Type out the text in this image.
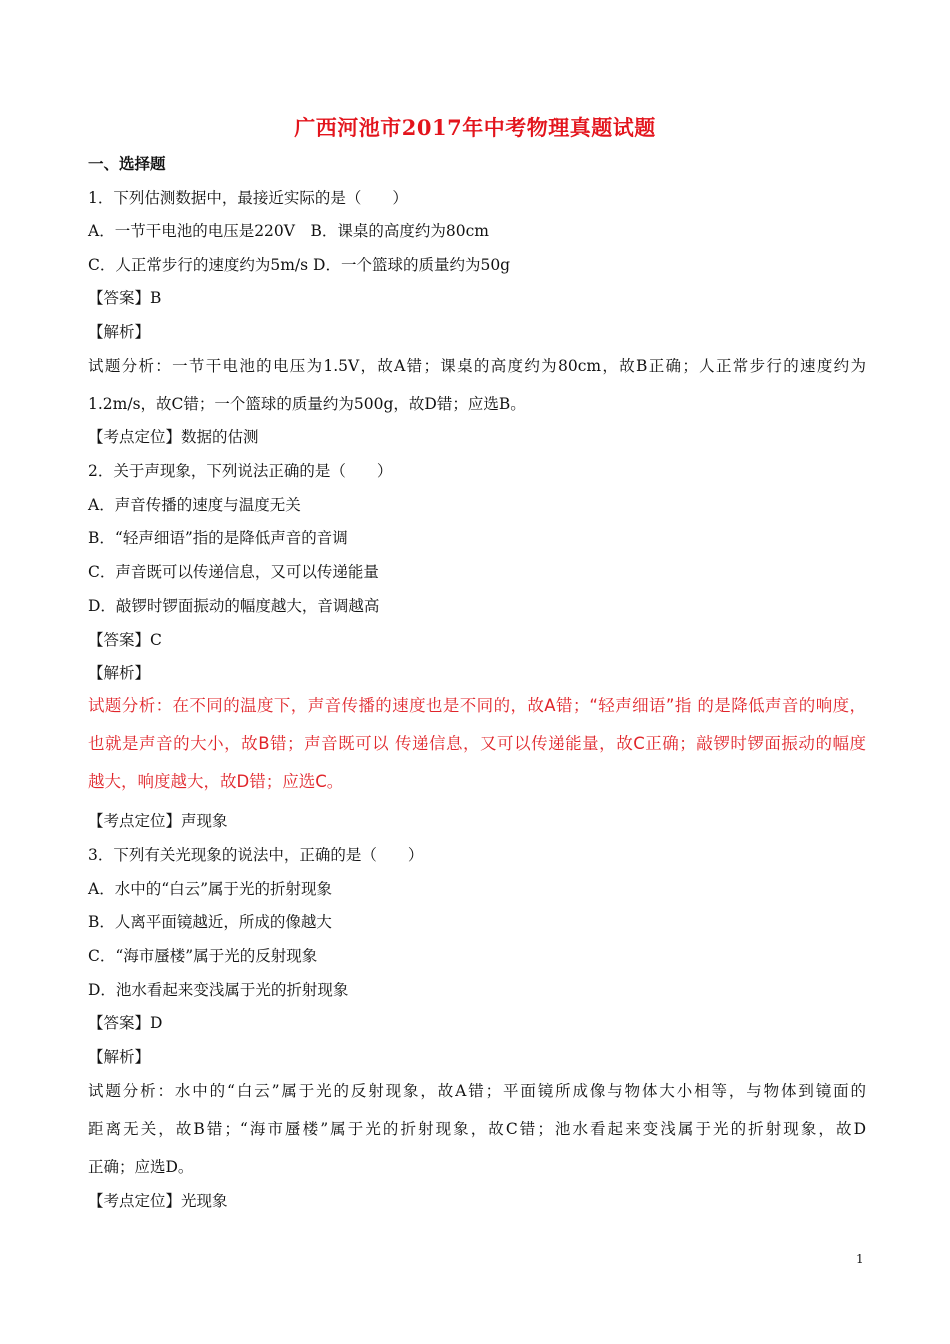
广西河池市2017年中考物理真题试题
一、选择题
1．下列估测数据中，最接近实际的是（　　）
A．一节干电池的电压是220V　B．课桌的高度约为80cm
C．人正常步行的速度约为5m/s D．一个篮球的质量约为50g
【答案】B
【解析】
试题分析：一节干电池的电压为1.5V，故A错；课桌的高度约为80cm，故B正确；人正常步行的速度约为
1.2m/s，故C错；一个篮球的质量约为500g，故D错；应选B。
【考点定位】数据的估测
2．关于声现象，下列说法正确的是（　　）
A．声音传播的速度与温度无关
B．“轻声细语”指的是降低声音的音调
C．声音既可以传递信息，又可以传递能量
D．敲锣时锣面振动的幅度越大，音调越高
【答案】C
【解析】
试题分析：在不同的温度下，声音传播的速度也是不同的，故A错；“轻声细语”指 的是降低声音的响度，
也就是声音的大小，故B错；声音既可以 传递信息，又可以传递能量，故C正确；敲锣时锣面振动的幅度
越大，响度越大，故D错；应选C。
【考点定位】声现象
3．下列有关光现象的说法中，正确的是（　　）
A．水中的“白云”属于光的折射现象
B．人离平面镜越近，所成的像越大
C．“海市蜃楼”属于光的反射现象
D．池水看起来变浅属于光的折射现象
【答案】D
【解析】
试题分析：水中的“白云”属于光的反射现象，故A错；平面镜所成像与物体大小相等，与物体到镜面的
距离无关，故B错；“海市蜃楼”属于光的折射现象，故C错；池水看起来变浅属于光的折射现象，故D
正确；应选D。
【考点定位】光现象
1
